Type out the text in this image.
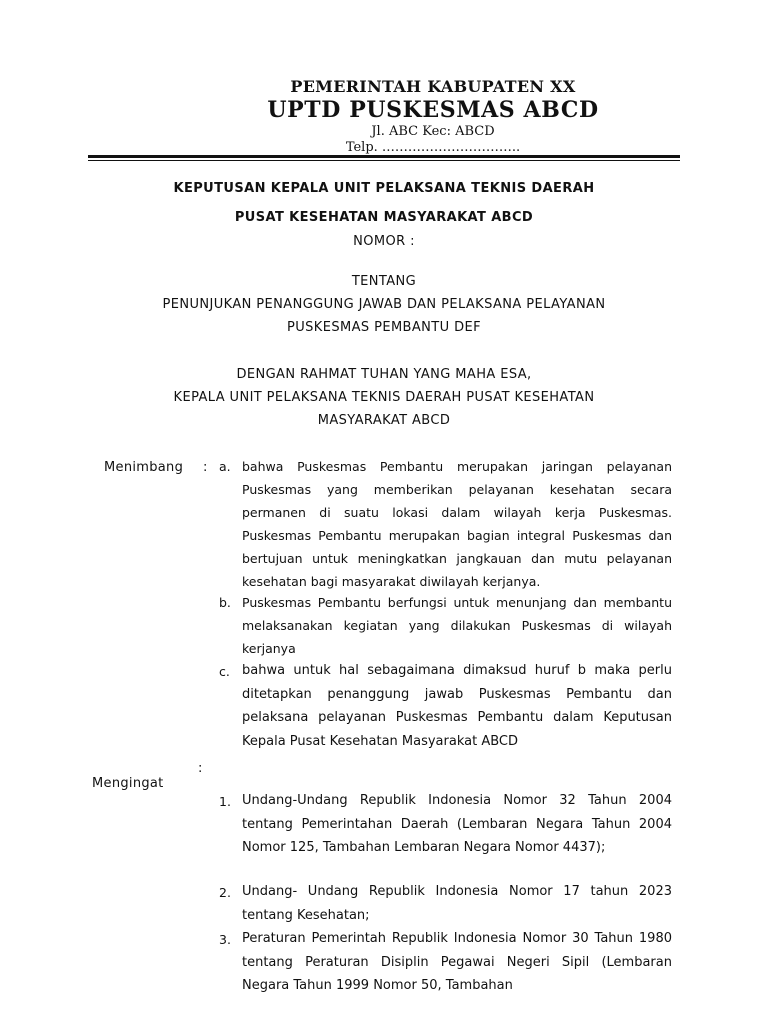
PEMERINTAH KABUPATEN XX
UPTD PUSKESMAS ABCD
Jl. ABC Kec: ABCD
Telp. …………………………..
KEPUTUSAN KEPALA UNIT PELAKSANA TEKNIS DAERAH
PUSAT KESEHATAN MASYARAKAT ABCD
NOMOR :
TENTANG
PENUNJUKAN PENANGGUNG JAWAB DAN PELAKSANA PELAYANAN
PUSKESMAS PEMBANTU DEF
DENGAN RAHMAT TUHAN YANG MAHA ESA,
KEPALA UNIT PELAKSANA TEKNIS DAERAH PUSAT KESEHATAN
MASYARAKAT ABCD
Menimbang : a. bahwa Puskesmas Pembantu merupakan jaringan pelayanan Puskesmas yang memberikan pelayanan kesehatan secara permanen di suatu lokasi dalam wilayah kerja Puskesmas. Puskesmas Pembantu merupakan bagian integral Puskesmas dan bertujuan untuk meningkatkan jangkauan dan mutu pelayanan kesehatan bagi masyarakat diwilayah kerjanya.

b. Puskesmas Pembantu berfungsi untuk menunjang dan membantu melaksanakan kegiatan yang dilakukan Puskesmas di wilayah kerjanya

c. bahwa untuk hal sebagaimana dimaksud huruf b maka perlu ditetapkan penanggung jawab Puskesmas Pembantu dan pelaksana pelayanan Puskesmas Pembantu dalam Keputusan Kepala Pusat Kesehatan Masyarakat ABCD

:
Mengingat
1. Undang-Undang Republik Indonesia Nomor 32 Tahun 2004 tentang Pemerintahan Daerah (Lembaran Negara Tahun 2004 Nomor 125, Tambahan Lembaran Negara Nomor 4437);

2. Undang- Undang Republik Indonesia Nomor 17 tahun 2023 tentang Kesehatan;

3. Peraturan Pemerintah Republik Indonesia Nomor 30 Tahun 1980 tentang Peraturan Disiplin Pegawai Negeri Sipil (Lembaran Negara Tahun 1999 Nomor 50, Tambahan
